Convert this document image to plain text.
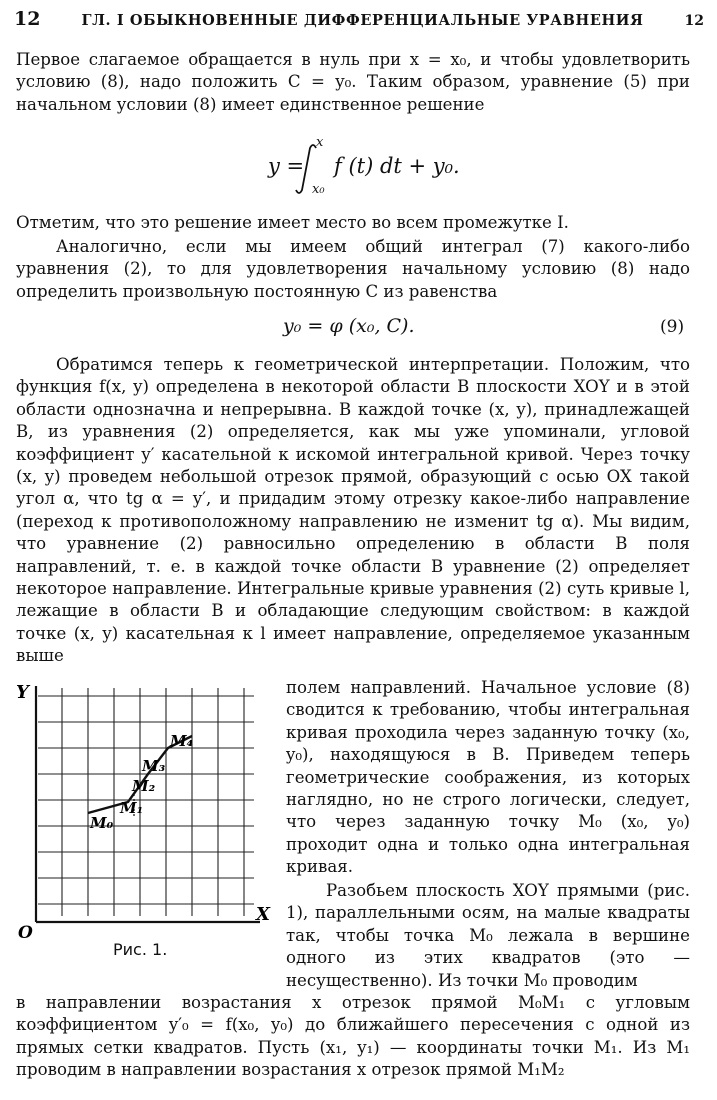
12	ГЛ. I ОБЫКНОВЕННЫЕ ДИФФЕРЕНЦИАЛЬНЫЕ УРАВНЕНИЯ	12

Первое слагаемое обращается в нуль при x = x₀, и чтобы удовлетворить условию (8), надо положить C = y₀. Таким образом, уравнение (5) при начальном условии (8) имеет единственное решение

y = f (t) dt + y₀.
x
x₀

Отметим, что это решение имеет место во всем промежутке I.

Аналогично, если мы имеем общий интеграл (7) какого-либо уравнения (2), то для удовлетворения начальному условию (8) надо определить произвольную постоянную C из равенства

y₀ = φ (x₀, C).	(9)

Обратимся теперь к геометрической интерпретации. Положим, что функция f(x, y) определена в некоторой области B плоскости XOY и в этой области однозначна и непрерывна. В каждой точке (x, y), принадлежащей B, из уравнения (2) определяется, как мы уже упоминали, угловой коэффициент y′ касательной к искомой интегральной кривой. Через точку (x, y) проведем небольшой отрезок прямой, образующий с осью OX такой угол α, что tg α = y′, и придадим этому отрезку какое-либо направление (переход к противоположному направлению не изменит tg α). Мы видим, что уравнение (2) равносильно определению в области B поля направлений, т. е. в каждой точке области B уравнение (2) определяет некоторое направление. Интегральные кривые уравнения (2) суть кривые l, лежащие в области B и обладающие следующим свойством: в каждой точке (x, y) касательная к l имеет направление, определяемое указанным выше

Y
X
O
M₀
M₁
M₂
M₃
M₄
Рис. 1.

полем направлений. Начальное условие (8) сводится к требованию, чтобы интегральная кривая проходила через заданную точку (x₀, y₀), находящуюся в B. Приведем теперь геометрические соображения, из которых наглядно, но не строго логически, следует, что через заданную точку M₀ (x₀, y₀) проходит одна и только одна интегральная кривая.

Разобьем плоскость XOY прямыми (рис. 1), параллельными осям, на малые квадраты так, чтобы точка M₀ лежала в вершине одного из этих квадратов (это — несущественно). Из точки M₀ проводим

в направлении возрастания x отрезок прямой M₀M₁ с угловым коэффициентом y′₀ = f(x₀, y₀) до ближайшего пересечения с одной из прямых сетки квадратов. Пусть (x₁, y₁) — координаты точки M₁. Из M₁ проводим в направлении возрастания x отрезок прямой M₁M₂
